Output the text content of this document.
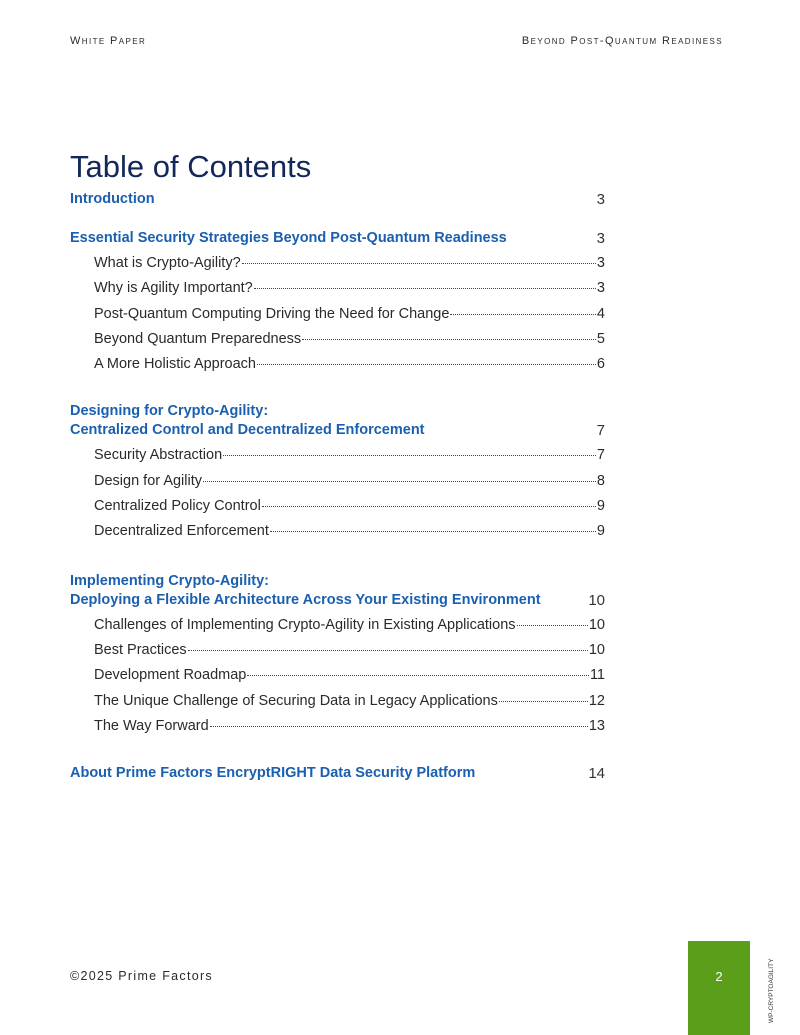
White Paper	Beyond Post-Quantum Readiness
Table of Contents
Introduction	3
Essential Security Strategies Beyond Post-Quantum Readiness	3
What is Crypto-Agility?	3
Why is Agility Important?	3
Post-Quantum Computing Driving the Need for Change	4
Beyond Quantum Preparedness	5
A More Holistic Approach	6
Designing for Crypto-Agility:
Centralized Control and Decentralized Enforcement	7
Security Abstraction	7
Design for Agility	8
Centralized Policy Control	9
Decentralized Enforcement	9
Implementing Crypto-Agility:
Deploying a Flexible Architecture Across Your Existing Environment	10
Challenges of Implementing Crypto-Agility in Existing Applications	10
Best Practices	10
Development Roadmap	11
The Unique Challenge of Securing Data in Legacy Applications	12
The Way Forward	13
About Prime Factors EncryptRIGHT Data Security Platform	14
©2025 Prime Factors	2	WP-CRYPTOAGILITY
